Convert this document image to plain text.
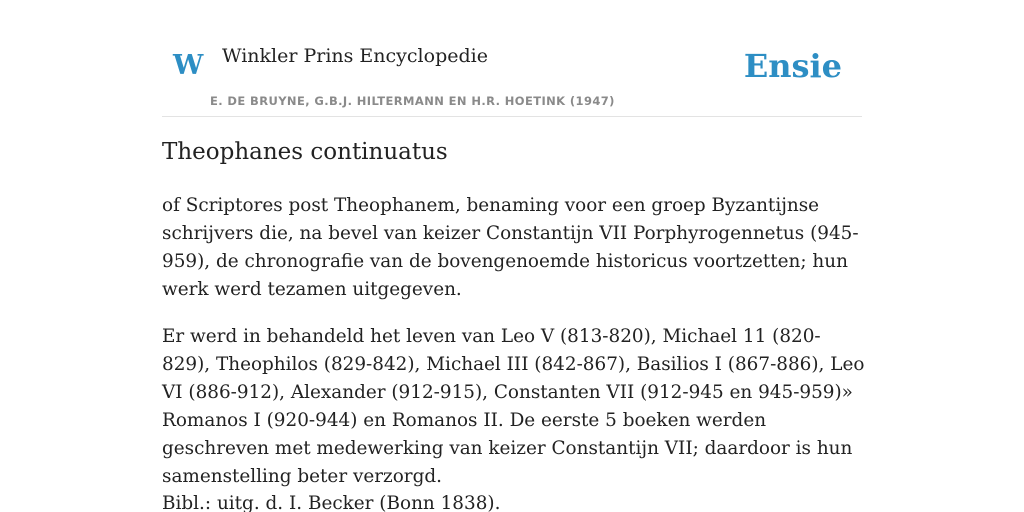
W Winkler Prins Encyclopedie
E. DE BRUYNE, G.B.J. HILTERMANN EN H.R. HOETINK (1947)
Ensie
Theophanes continuatus

of Scriptores post Theophanem, benaming voor een groep Byzantijnse schrijvers die, na bevel van keizer Constantijn VII Porphyrogennetus (945-959), de chronografie van de bovengenoemde historicus voortzetten; hun werk werd tezamen uitgegeven.

Er werd in behandeld het leven van Leo V (813-820), Michael 11 (820-829), Theophilos (829-842), Michael III (842-867), Basilios I (867-886), Leo VI (886-912), Alexander (912-915), Constanten VII (912-945 en 945-959)» Romanos I (920-944) en Romanos II. De eerste 5 boeken werden geschreven met medewerking van keizer Constantijn VII; daardoor is hun samenstelling beter verzorgd.

Bibl.: uitg. d. I. Becker (Bonn 1838).
